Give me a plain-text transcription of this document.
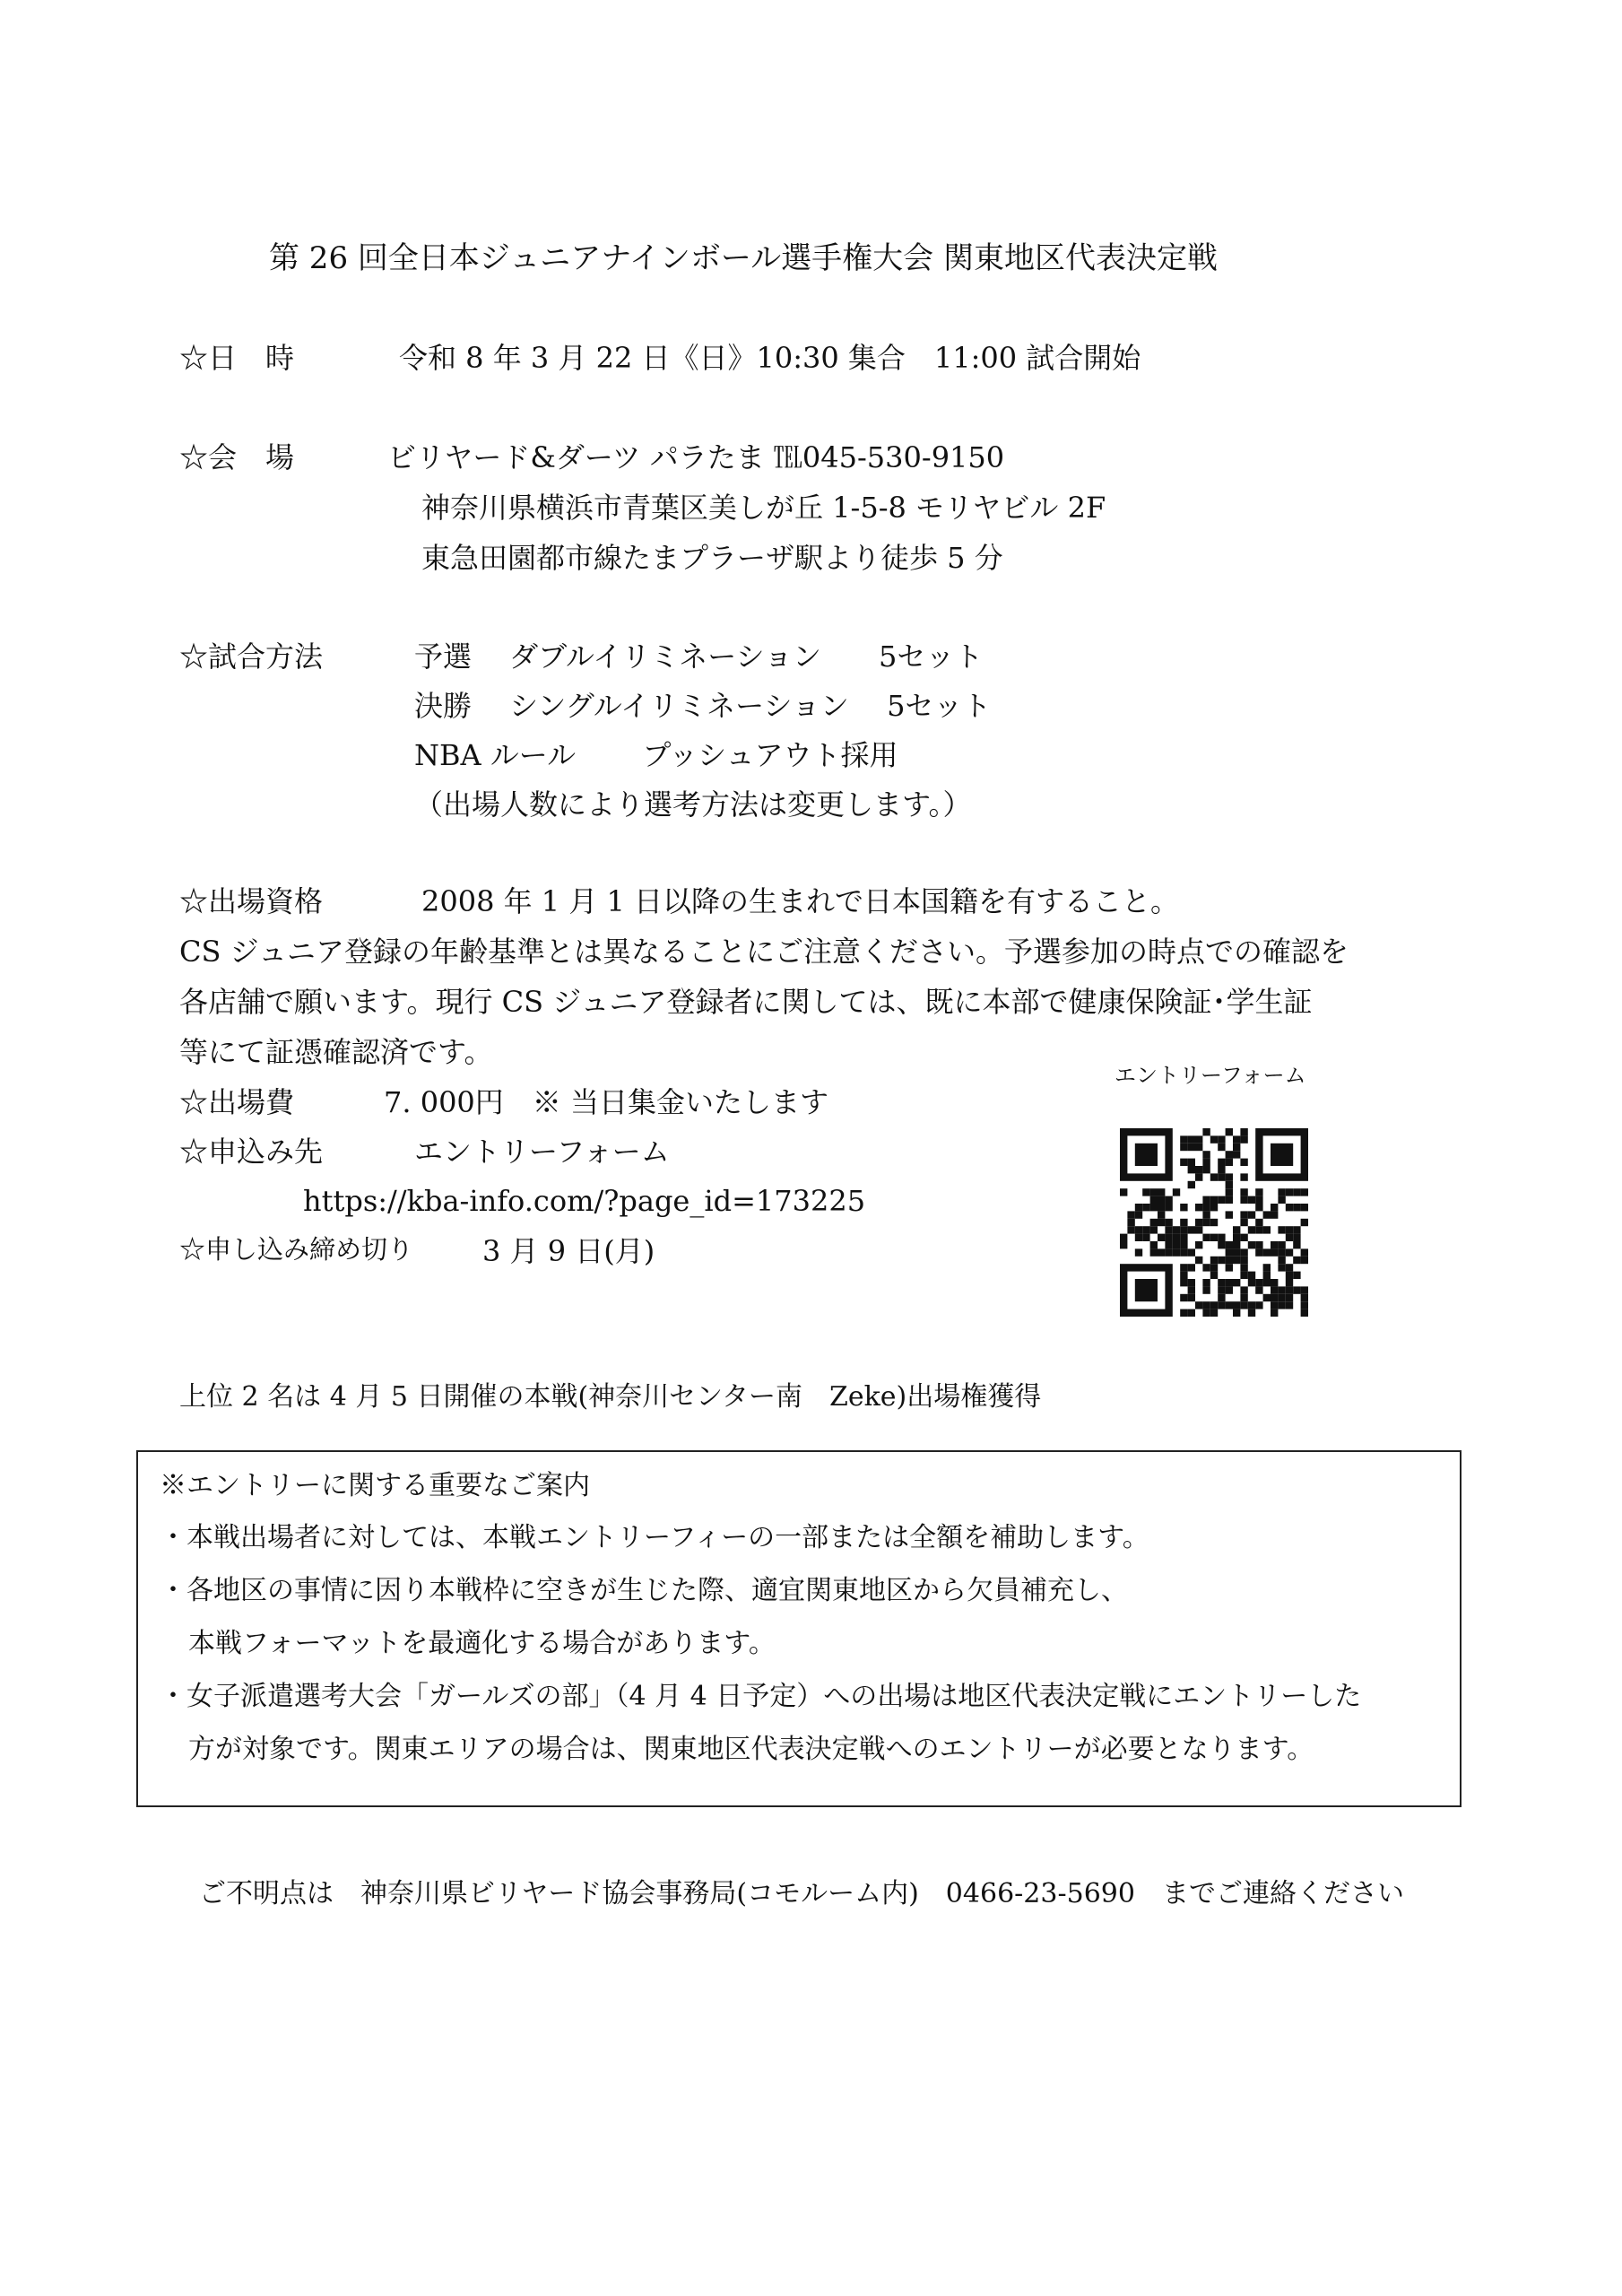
第 26 回全日本ジュニアナインボール選手権大会 関東地区代表決定戦
☆日　時	令和 8 年 3 月 22 日《日》10:30 集合　11:00 試合開始
☆会　場	ビリヤード&ダーツ パラたま ℡045-530-9150
神奈川県横浜市青葉区美しが丘 1-5-8 モリヤビル 2F
東急田園都市線たまプラーザ駅より徒歩 5 分
☆試合方法	予選　 ダブルイリミネーション　　5セット
決勝　 シングルイリミネーション　 5セット
NBA ルール　　 プッシュアウト採用
（出場人数により選考方法は変更します。）
☆出場資格	2008 年 1 月 1 日以降の生まれで日本国籍を有すること。
CS ジュニア登録の年齢基準とは異なることにご注意ください。予選参加の時点での確認を
各店舗で願います。現行 CS ジュニア登録者に関しては、既に本部で健康保険証･学生証
等にて証憑確認済です。
☆出場費	7. 000円　※ 当日集金いたします
☆申込み先	エントリーフォーム
https://kba-info.com/?page_id=173225
☆申し込み締め切り 3 月 9 日(月)
エントリーフォーム
上位 2 名は 4 月 5 日開催の本戦(神奈川センター南　Zeke)出場権獲得
※エントリーに関する重要なご案内
・本戦出場者に対しては、本戦エントリーフィーの一部または全額を補助します。
・各地区の事情に因り本戦枠に空きが生じた際、適宜関東地区から欠員補充し、
本戦フォーマットを最適化する場合があります。
・女子派遣選考大会「ガールズの部」（4 月 4 日予定）への出場は地区代表決定戦にエントリーした
方が対象です。関東エリアの場合は、関東地区代表決定戦へのエントリーが必要となります。
ご不明点は　神奈川県ビリヤード協会事務局(コモルーム内)　0466-23-5690　までご連絡ください
